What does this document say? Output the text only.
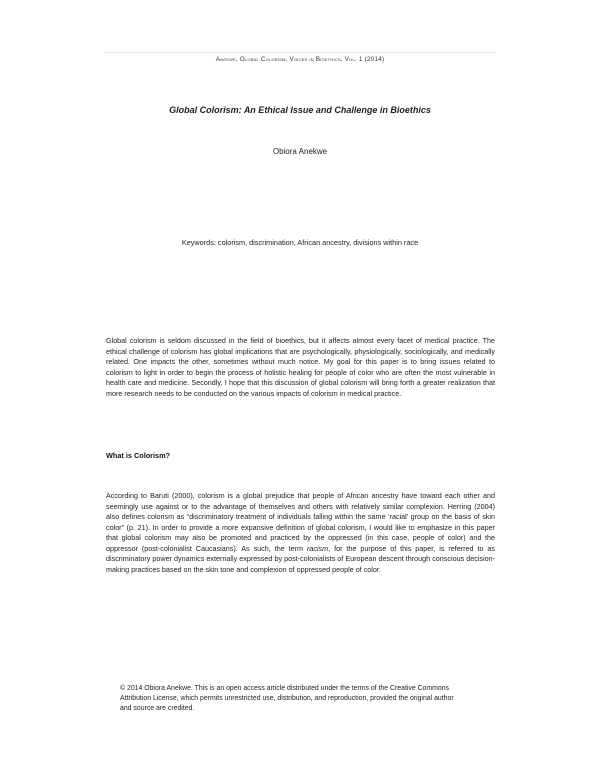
Anekwe, Global Colorism, Voices in Bioethics, Vol. 1 (2014)
Global Colorism: An Ethical Issue and Challenge in Bioethics
Obiora Anekwe
Keywords: colorism, discrimination, African ancestry, divisions within race

Global colorism is seldom discussed in the field of bioethics, but it affects almost every facet of medical practice. The ethical challenge of colorism has global implications that are psychologically, physiologically, sociologically, and medically related. One impacts the other, sometimes without much notice. My goal for this paper is to bring issues related to colorism to light in order to begin the process of holistic healing for people of color who are often the most vulnerable in health care and medicine. Secondly, I hope that this discussion of global colorism will bring forth a greater realization that more research needs to be conducted on the various impacts of colorism in medical practice.

What is Colorism?

According to Baruti (2000), colorism is a global prejudice that people of African ancestry have toward each other and seemingly use against or to the advantage of themselves and others with relatively similar complexion. Herring (2004) also defines colorism as “discriminatory treatment of individuals falling within the same ‘racial’ group on the basis of skin color” (p. 21). In order to provide a more expansive definition of global colorism, I would like to emphasize in this paper that global colorism may also be promoted and practiced by the oppressed (in this case, people of color) and the oppressor (post-colonialist Caucasians). As such, the term racism, for the purpose of this paper, is referred to as discriminatory power dynamics externally expressed by post-colonialists of European descent through conscious decision-making practices based on the skin tone and complexion of oppressed people of color.

© 2014 Obiora Anekwe. This is an open access article distributed under the terms of the Creative Commons Attribution License, which permits unrestricted use, distribution, and reproduction, provided the original author and source are credited.
